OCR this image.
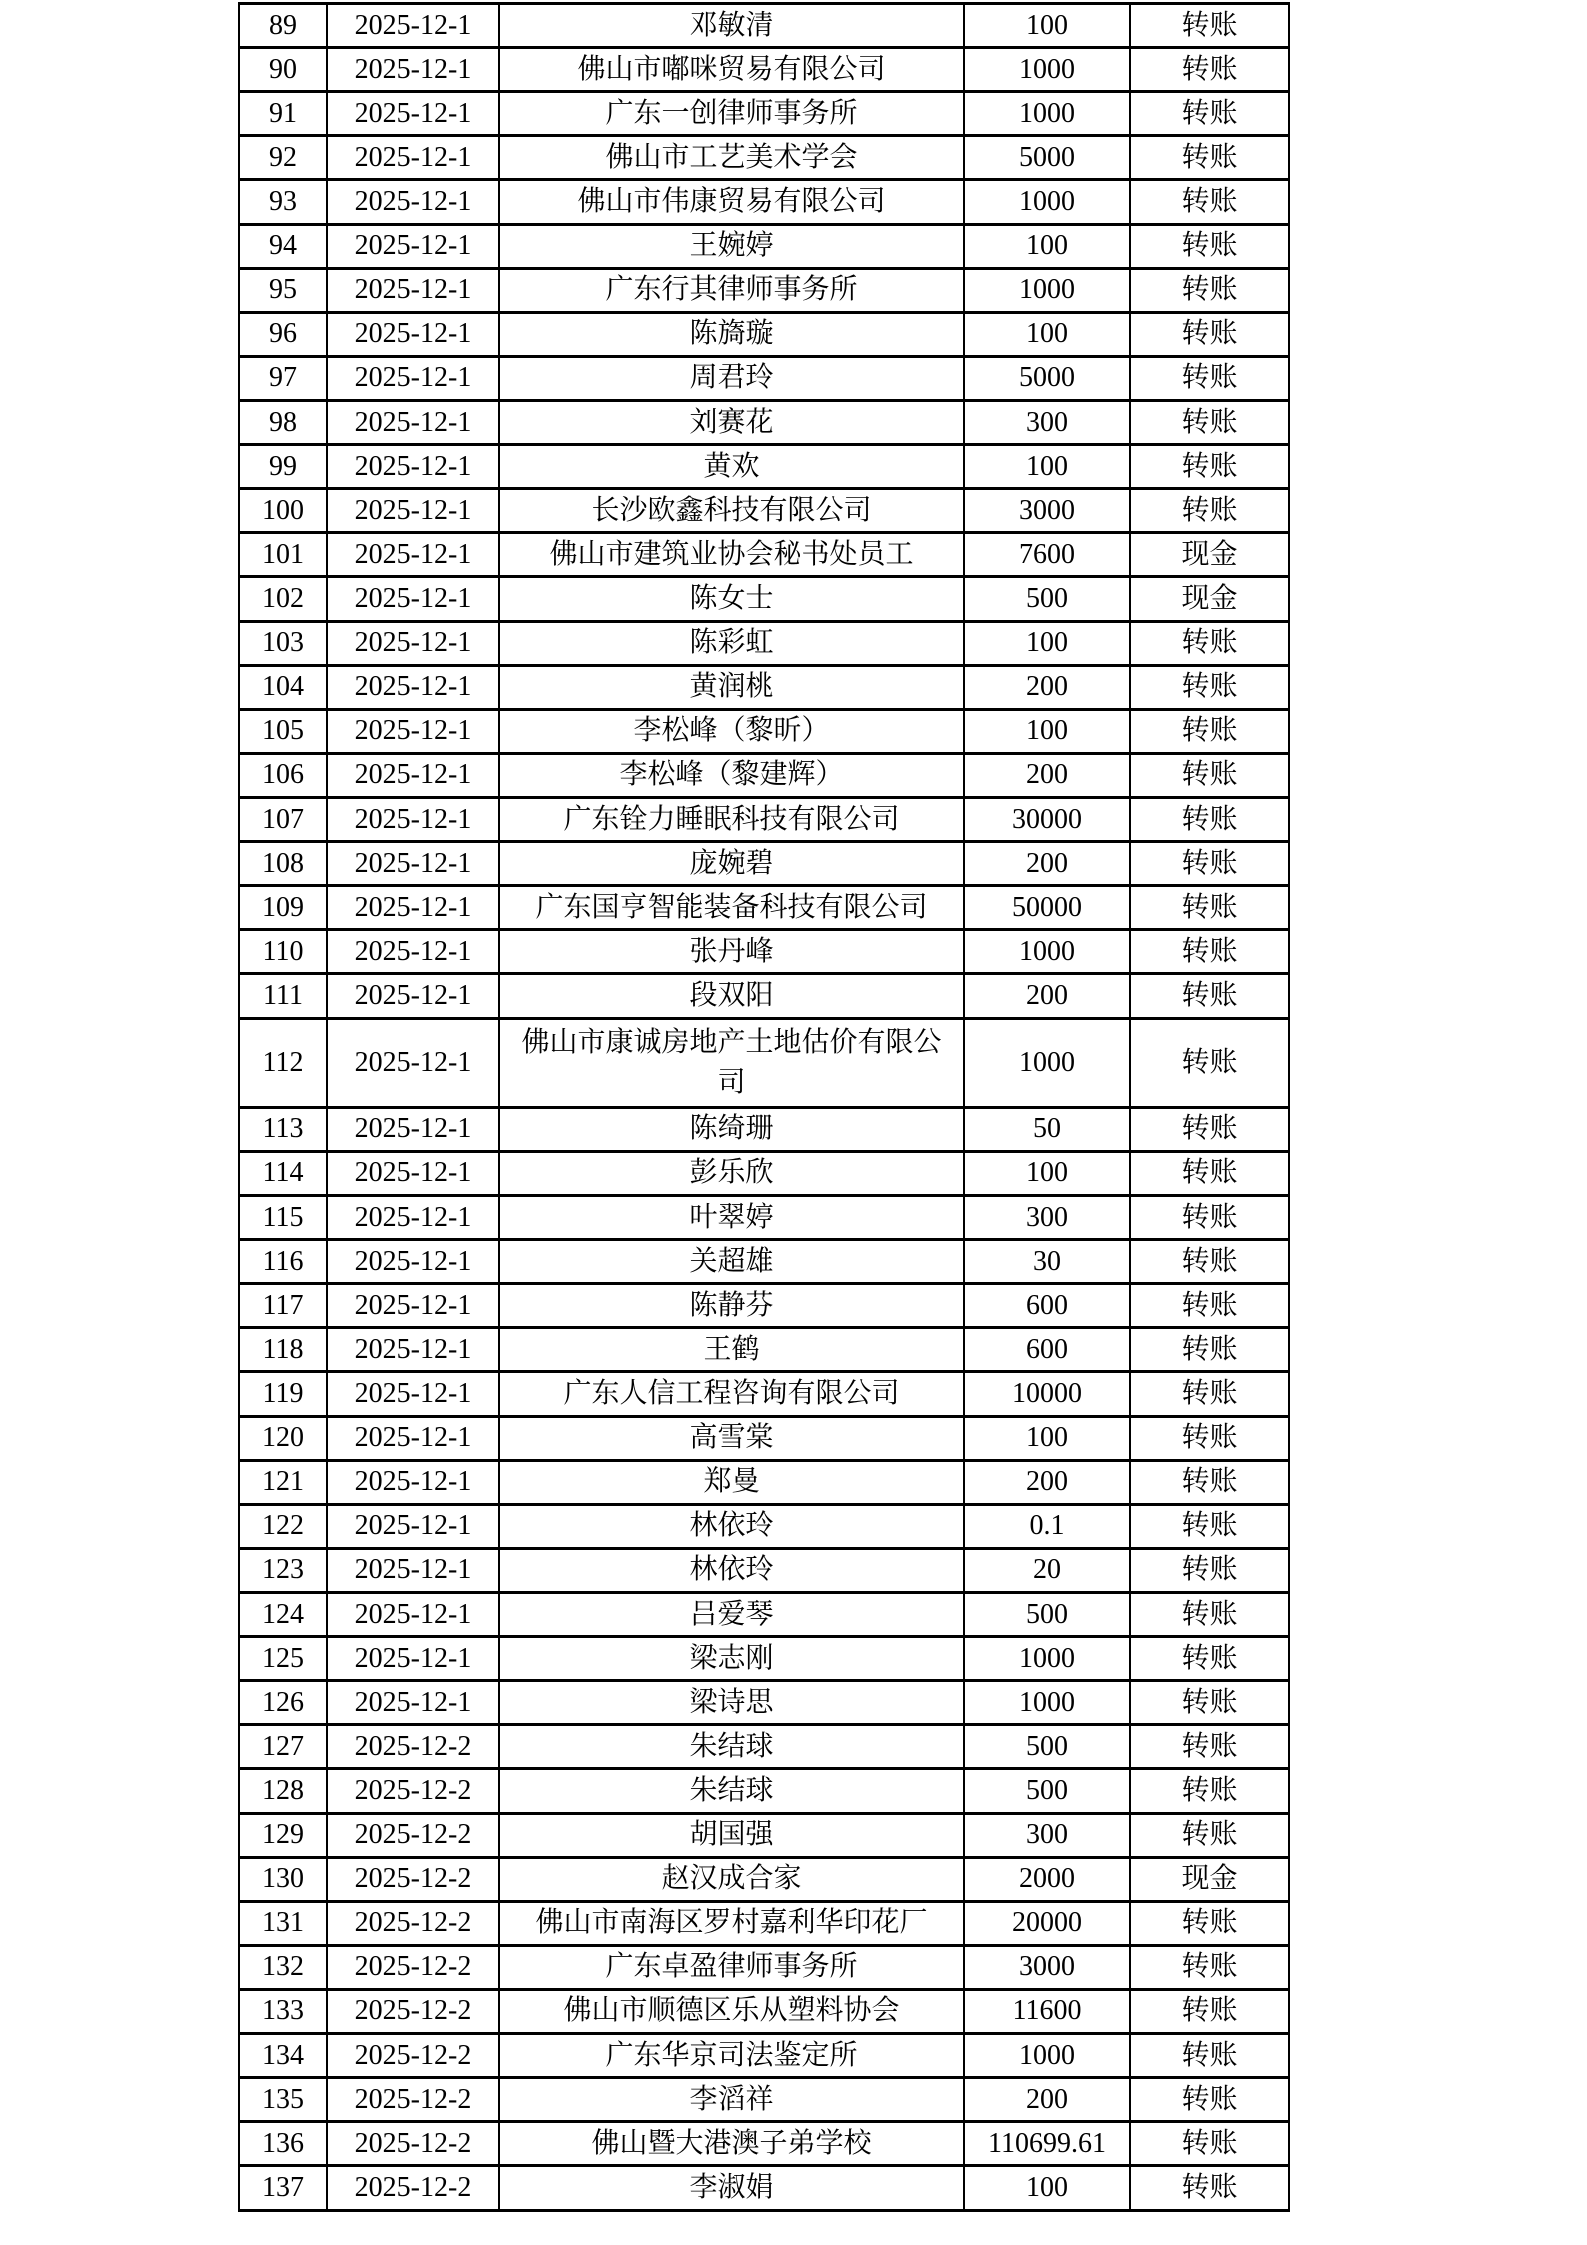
89	2025-12-1	邓敏清	100	转账
90	2025-12-1	佛山市嘟咪贸易有限公司	1000	转账
91	2025-12-1	广东一创律师事务所	1000	转账
92	2025-12-1	佛山市工艺美术学会	5000	转账
93	2025-12-1	佛山市伟康贸易有限公司	1000	转账
94	2025-12-1	王婉婷	100	转账
95	2025-12-1	广东行其律师事务所	1000	转账
96	2025-12-1	陈旖璇	100	转账
97	2025-12-1	周君玲	5000	转账
98	2025-12-1	刘赛花	300	转账
99	2025-12-1	黄欢	100	转账
100	2025-12-1	长沙欧鑫科技有限公司	3000	转账
101	2025-12-1	佛山市建筑业协会秘书处员工	7600	现金
102	2025-12-1	陈女士	500	现金
103	2025-12-1	陈彩虹	100	转账
104	2025-12-1	黄润桃	200	转账
105	2025-12-1	李松峰（黎昕）	100	转账
106	2025-12-1	李松峰（黎建辉）	200	转账
107	2025-12-1	广东铨力睡眠科技有限公司	30000	转账
108	2025-12-1	庞婉碧	200	转账
109	2025-12-1	广东国亨智能装备科技有限公司	50000	转账
110	2025-12-1	张丹峰	1000	转账
111	2025-12-1	段双阳	200	转账
112	2025-12-1	佛山市康诚房地产土地估价有限公司	1000	转账
113	2025-12-1	陈绮珊	50	转账
114	2025-12-1	彭乐欣	100	转账
115	2025-12-1	叶翠婷	300	转账
116	2025-12-1	关超雄	30	转账
117	2025-12-1	陈静芬	600	转账
118	2025-12-1	王鹤	600	转账
119	2025-12-1	广东人信工程咨询有限公司	10000	转账
120	2025-12-1	高雪棠	100	转账
121	2025-12-1	郑曼	200	转账
122	2025-12-1	林依玲	0.1	转账
123	2025-12-1	林依玲	20	转账
124	2025-12-1	吕爱琴	500	转账
125	2025-12-1	梁志刚	1000	转账
126	2025-12-1	梁诗思	1000	转账
127	2025-12-2	朱结球	500	转账
128	2025-12-2	朱结球	500	转账
129	2025-12-2	胡国强	300	转账
130	2025-12-2	赵汉成合家	2000	现金
131	2025-12-2	佛山市南海区罗村嘉利华印花厂	20000	转账
132	2025-12-2	广东卓盈律师事务所	3000	转账
133	2025-12-2	佛山市顺德区乐从塑料协会	11600	转账
134	2025-12-2	广东华京司法鉴定所	1000	转账
135	2025-12-2	李滔祥	200	转账
136	2025-12-2	佛山暨大港澳子弟学校	110699.61	转账
137	2025-12-2	李淑娟	100	转账
